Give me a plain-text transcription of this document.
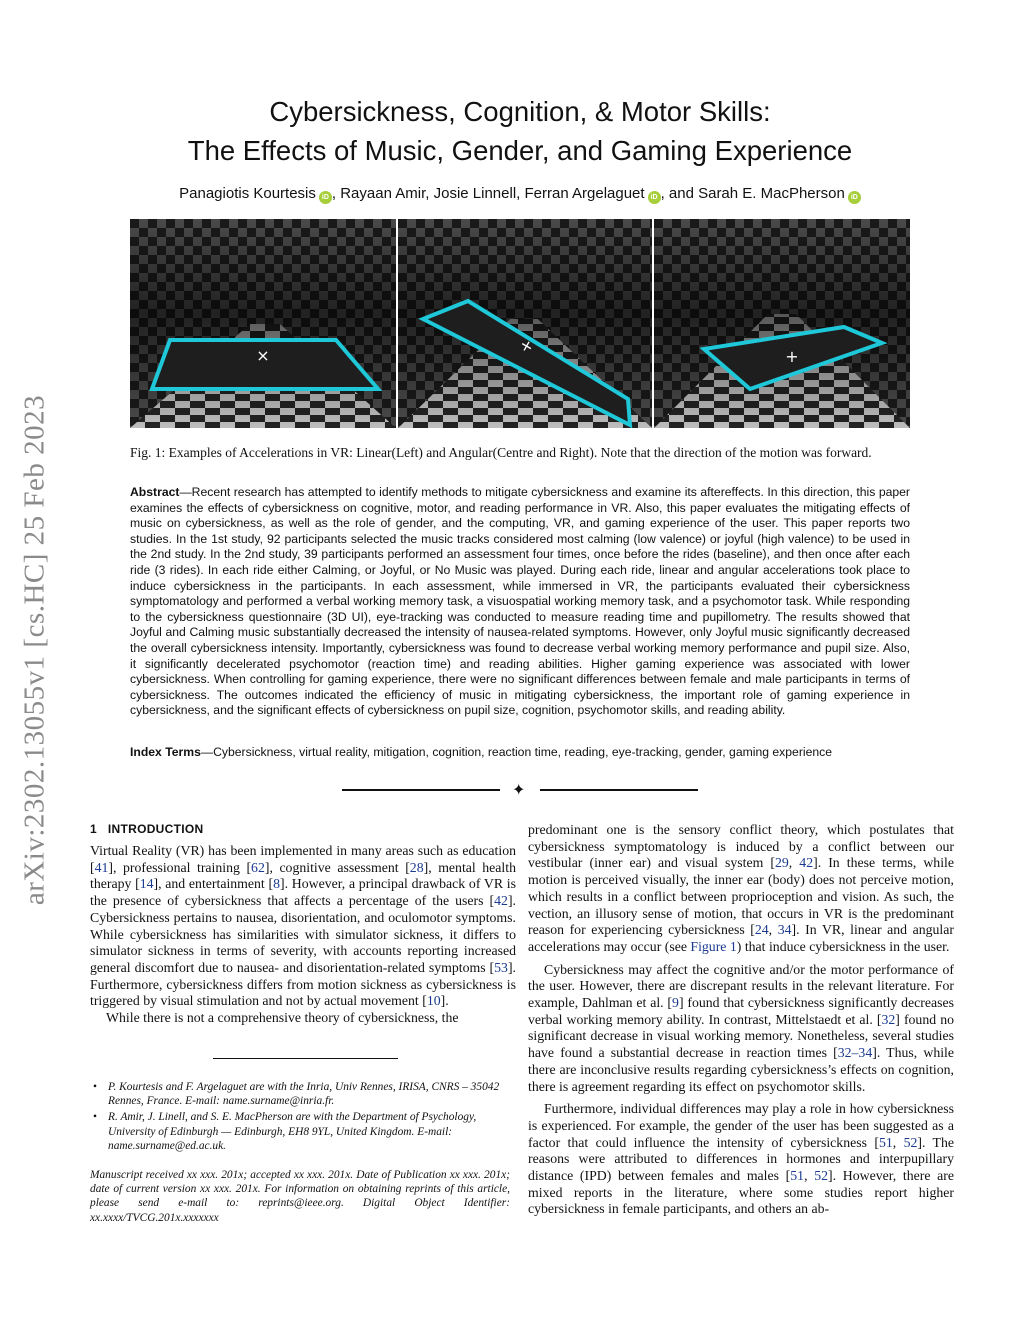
arXiv:2302.13055v1 [cs.HC] 25 Feb 2023
Cybersickness, Cognition, & Motor Skills:
The Effects of Music, Gender, and Gaming Experience
Panagiotis Kourtesis iD , Rayaan Amir, Josie Linnell, Ferran Argelaguet iD , and Sarah E. MacPherson iD
×	+	+
Fig. 1: Examples of Accelerations in VR: Linear(Left) and Angular(Centre and Right). Note that the direction of the motion was forward.
Abstract—Recent research has attempted to identify methods to mitigate cybersickness and examine its aftereffects. In this direction, this paper examines the effects of cybersickness on cognitive, motor, and reading performance in VR. Also, this paper evaluates the mitigating effects of music on cybersickness, as well as the role of gender, and the computing, VR, and gaming experience of the user. This paper reports two studies. In the 1st study, 92 participants selected the music tracks considered most calming (low valence) or joyful (high valence) to be used in the 2nd study. In the 2nd study, 39 participants performed an assessment four times, once before the rides (baseline), and then once after each ride (3 rides). In each ride either Calming, or Joyful, or No Music was played. During each ride, linear and angular accelerations took place to induce cybersickness in the participants. In each assessment, while immersed in VR, the participants evaluated their cybersickness symptomatology and performed a verbal working memory task, a visuospatial working memory task, and a psychomotor task. While responding to the cybersickness questionnaire (3D UI), eye-tracking was conducted to measure reading time and pupillometry. The results showed that Joyful and Calming music substantially decreased the intensity of nausea-related symptoms. However, only Joyful music significantly decreased the overall cybersickness intensity. Importantly, cybersickness was found to decrease verbal working memory performance and pupil size. Also, it significantly decelerated psychomotor (reaction time) and reading abilities. Higher gaming experience was associated with lower cybersickness. When controlling for gaming experience, there were no significant differences between female and male participants in terms of cybersickness. The outcomes indicated the efficiency of music in mitigating cybersickness, the important role of gaming experience in cybersickness, and the significant effects of cybersickness on pupil size, cognition, psychomotor skills, and reading ability.
Index Terms—Cybersickness, virtual reality, mitigation, cognition, reaction time, reading, eye-tracking, gender, gaming experience
✦
1 INTRODUCTION

Virtual Reality (VR) has been implemented in many areas such as education [41], professional training [62], cognitive assessment [28], mental health therapy [14], and entertainment [8]. However, a principal drawback of VR is the presence of cybersickness that affects a percentage of the users [42]. Cybersickness pertains to nausea, disorientation, and oculomotor symptoms. While cybersickness has similarities with simulator sickness, it differs to simulator sickness in terms of severity, with accounts reporting increased general discomfort due to nausea- and disorientation-related symptoms [53]. Furthermore, cybersickness differs from motion sickness as cybersickness is triggered by visual stimulation and not by actual movement [10].

While there is not a comprehensive theory of cybersickness, the

• P. Kourtesis and F. Argelaguet are with the Inria, Univ Rennes, IRISA, CNRS – 35042 Rennes, France. E-mail: name.surname@inria.fr.
• R. Amir, J. Linell, and S. E. MacPherson are with the Department of Psychology, University of Edinburgh — Edinburgh, EH8 9YL, United Kingdom. E-mail: name.surname@ed.ac.uk.
Manuscript received xx xxx. 201x; accepted xx xxx. 201x. Date of Publication xx xxx. 201x; date of current version xx xxx. 201x. For information on obtaining reprints of this article, please send e-mail to: reprints@ieee.org. Digital Object Identifier: xx.xxxx/TVCG.201x.xxxxxxx

predominant one is the sensory conflict theory, which postulates that cybersickness symptomatology is induced by a conflict between our vestibular (inner ear) and visual system [29, 42]. In these terms, while motion is perceived visually, the inner ear (body) does not perceive motion, which results in a conflict between proprioception and vision. As such, the vection, an illusory sense of motion, that occurs in VR is the predominant reason for experiencing cybersickness [24, 34]. In VR, linear and angular accelerations may occur (see Figure 1) that induce cybersickness in the user.

Cybersickness may affect the cognitive and/or the motor performance of the user. However, there are discrepant results in the relevant literature. For example, Dahlman et al. [9] found that cybersickness significantly decreases verbal working memory ability. In contrast, Mittelstaedt et al. [32] found no significant decrease in visual working memory. Nonetheless, several studies have found a substantial decrease in reaction times [32–34]. Thus, while there are inconclusive results regarding cybersickness’s effects on cognition, there is agreement regarding its effect on psychomotor skills.

Furthermore, individual differences may play a role in how cybersickness is experienced. For example, the gender of the user has been suggested as a factor that could influence the intensity of cybersickness [51, 52]. The reasons were attributed to differences in hormones and interpupillary distance (IPD) between females and males [51, 52]. However, there are mixed reports in the literature, where some studies report higher cybersickness in female participants, and others an ab-
